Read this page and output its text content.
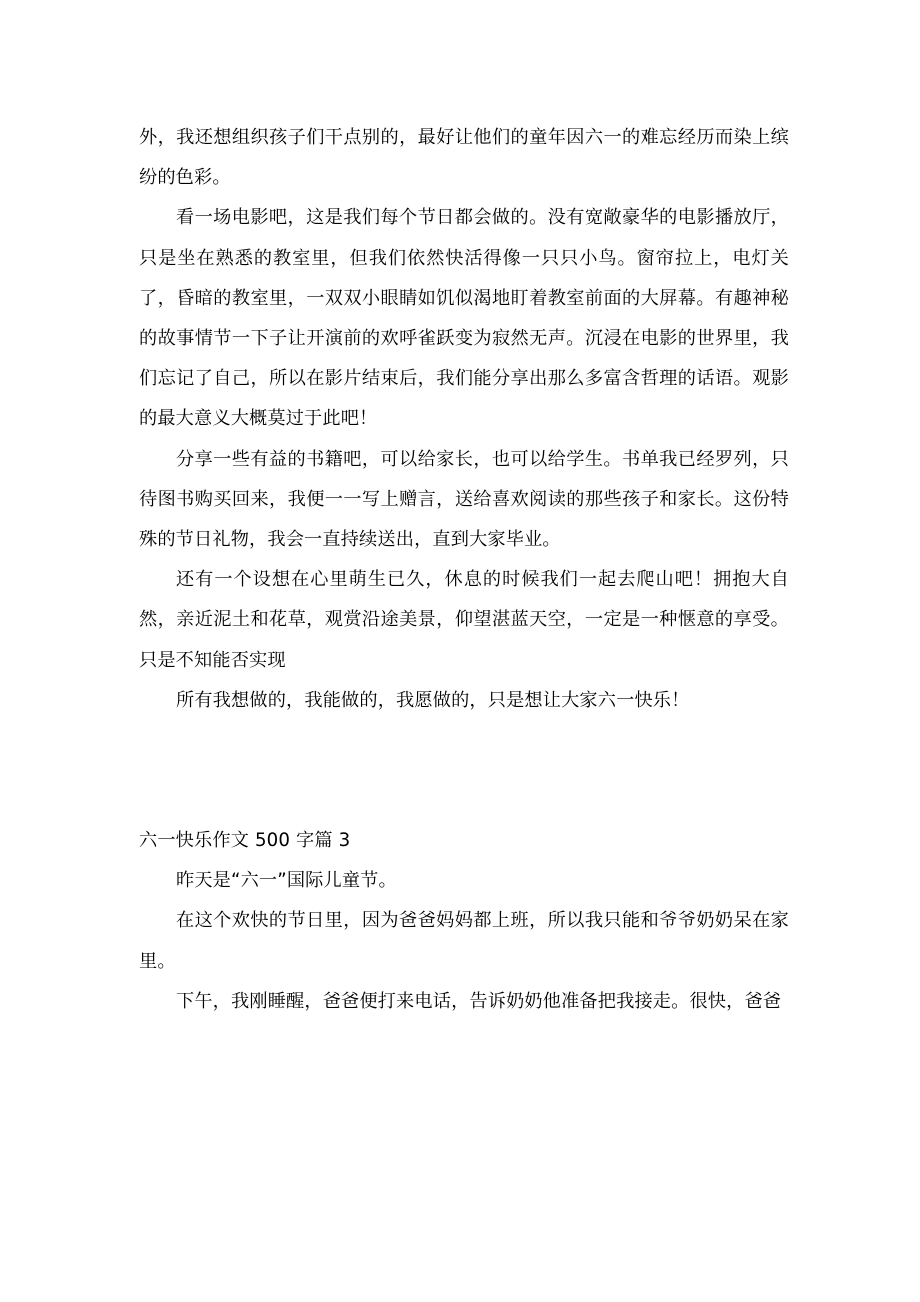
外，我还想组织孩子们干点别的，最好让他们的童年因六一的难忘经历而染上缤纷的色彩。

看一场电影吧，这是我们每个节日都会做的。没有宽敞豪华的电影播放厅，只是坐在熟悉的教室里，但我们依然快活得像一只只小鸟。窗帘拉上，电灯关了，昏暗的教室里，一双双小眼睛如饥似渴地盯着教室前面的大屏幕。有趣神秘的故事情节一下子让开演前的欢呼雀跃变为寂然无声。沉浸在电影的世界里，我们忘记了自己，所以在影片结束后，我们能分享出那么多富含哲理的话语。观影的最大意义大概莫过于此吧！

分享一些有益的书籍吧，可以给家长，也可以给学生。书单我已经罗列，只待图书购买回来，我便一一写上赠言，送给喜欢阅读的那些孩子和家长。这份特殊的节日礼物，我会一直持续送出，直到大家毕业。

还有一个设想在心里萌生已久，休息的时候我们一起去爬山吧！拥抱大自然，亲近泥土和花草，观赏沿途美景，仰望湛蓝天空，一定是一种惬意的享受。只是不知能否实现

所有我想做的，我能做的，我愿做的，只是想让大家六一快乐！

六一快乐作文 500 字篇 3

昨天是“六一”国际儿童节。

在这个欢快的节日里，因为爸爸妈妈都上班，所以我只能和爷爷奶奶呆在家里。

下午，我刚睡醒，爸爸便打来电话，告诉奶奶他准备把我接走。很快，爸爸
